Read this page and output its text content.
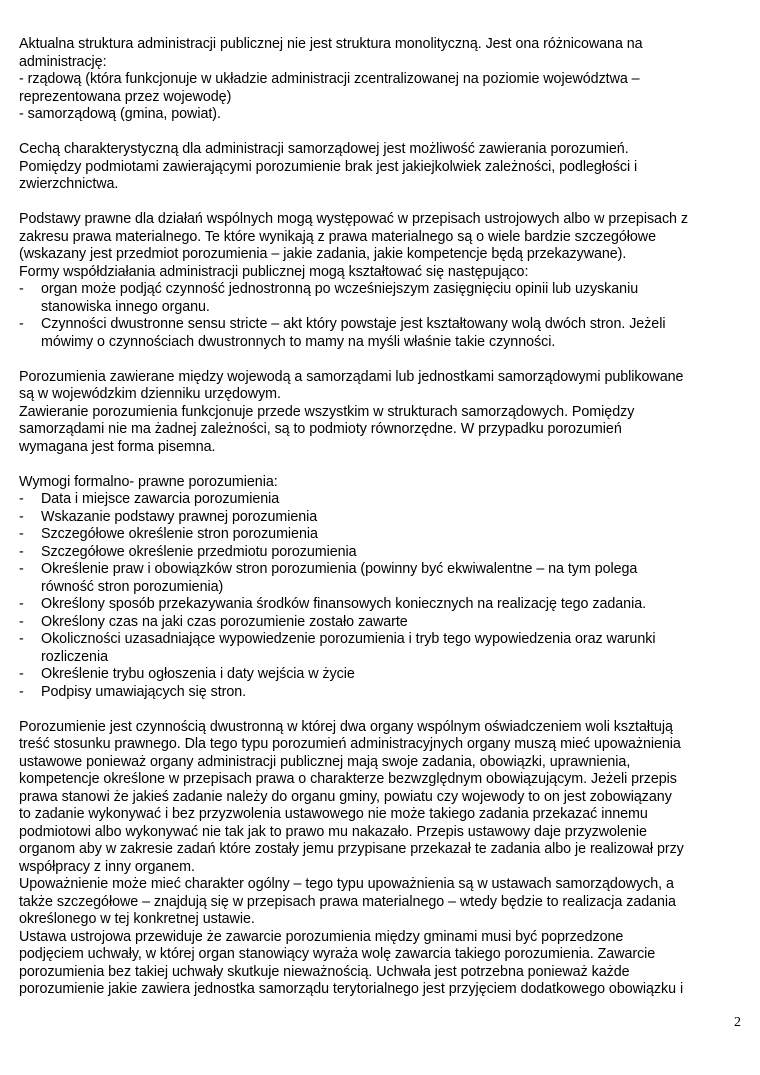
Aktualna struktura administracji publicznej nie jest struktura monolityczną. Jest ona różnicowana na
administrację:
- rządową (która funkcjonuje w układzie administracji zcentralizowanej na poziomie województwa –
reprezentowana przez wojewodę)
- samorządową (gmina, powiat).
Cechą charakterystyczną dla administracji samorządowej jest możliwość zawierania porozumień.
Pomiędzy podmiotami zawierającymi porozumienie brak jest jakiejkolwiek zależności, podległości i
zwierzchnictwa.
Podstawy prawne dla działań wspólnych mogą występować w przepisach ustrojowych albo w przepisach z
zakresu prawa materialnego. Te które wynikają z prawa materialnego są o wiele bardzie szczegółowe
(wskazany jest przedmiot porozumienia – jakie zadania, jakie kompetencje będą przekazywane).
Formy współdziałania administracji publicznej mogą kształtować się następująco:
- organ może podjąć czynność jednostronną po wcześniejszym zasięgnięciu opinii lub uzyskaniu
stanowiska innego organu.
- Czynności dwustronne sensu stricte – akt który powstaje jest kształtowany wolą dwóch stron. Jeżeli
mówimy o czynnościach dwustronnych to mamy na myśli właśnie takie czynności.
Porozumienia zawierane między wojewodą a samorządami lub jednostkami samorządowymi publikowane
są w wojewódzkim dzienniku urzędowym.
Zawieranie porozumienia funkcjonuje przede wszystkim w strukturach samorządowych. Pomiędzy
samorządami nie ma żadnej zależności, są to podmioty równorzędne. W przypadku porozumień
wymagana jest forma pisemna.
Wymogi formalno- prawne porozumienia:
- Data i miejsce zawarcia porozumienia
- Wskazanie podstawy prawnej porozumienia
- Szczegółowe określenie stron porozumienia
- Szczegółowe określenie przedmiotu porozumienia
- Określenie praw i obowiązków stron porozumienia (powinny być ekwiwalentne – na tym polega
równość stron porozumienia)
- Określony sposób przekazywania środków finansowych koniecznych na realizację tego zadania.
- Określony czas na jaki czas porozumienie zostało zawarte
- Okoliczności uzasadniające wypowiedzenie porozumienia i tryb tego wypowiedzenia oraz warunki
rozliczenia
- Określenie trybu ogłoszenia i daty wejścia w życie
- Podpisy umawiających się stron.
Porozumienie jest czynnością dwustronną w której dwa organy wspólnym oświadczeniem woli kształtują
treść stosunku prawnego. Dla tego typu porozumień administracyjnych organy muszą mieć upoważnienia
ustawowe ponieważ organy administracji publicznej mają swoje zadania, obowiązki, uprawnienia,
kompetencje określone w przepisach prawa o charakterze bezwzględnym obowiązującym. Jeżeli przepis
prawa stanowi że jakieś zadanie należy do organu gminy, powiatu czy wojewody to on jest zobowiązany
to zadanie wykonywać i bez przyzwolenia ustawowego nie może takiego zadania przekazać innemu
podmiotowi albo wykonywać nie tak jak to prawo mu nakazało. Przepis ustawowy daje przyzwolenie
organom aby w zakresie zadań które zostały jemu przypisane przekazał te zadania albo je realizował przy
współpracy z inny organem.
Upoważnienie może mieć charakter ogólny – tego typu upoważnienia są w ustawach samorządowych, a
także szczegółowe – znajdują się w przepisach prawa materialnego – wtedy będzie to realizacja zadania
określonego w tej konkretnej ustawie.
Ustawa ustrojowa przewiduje że zawarcie porozumienia między gminami musi być poprzedzone
podjęciem uchwały, w której organ stanowiący wyraża wolę zawarcia takiego porozumienia. Zawarcie
porozumienia bez takiej uchwały skutkuje nieważnością. Uchwała jest potrzebna ponieważ każde
porozumienie jakie zawiera jednostka samorządu terytorialnego jest przyjęciem dodatkowego obowiązku i
2
